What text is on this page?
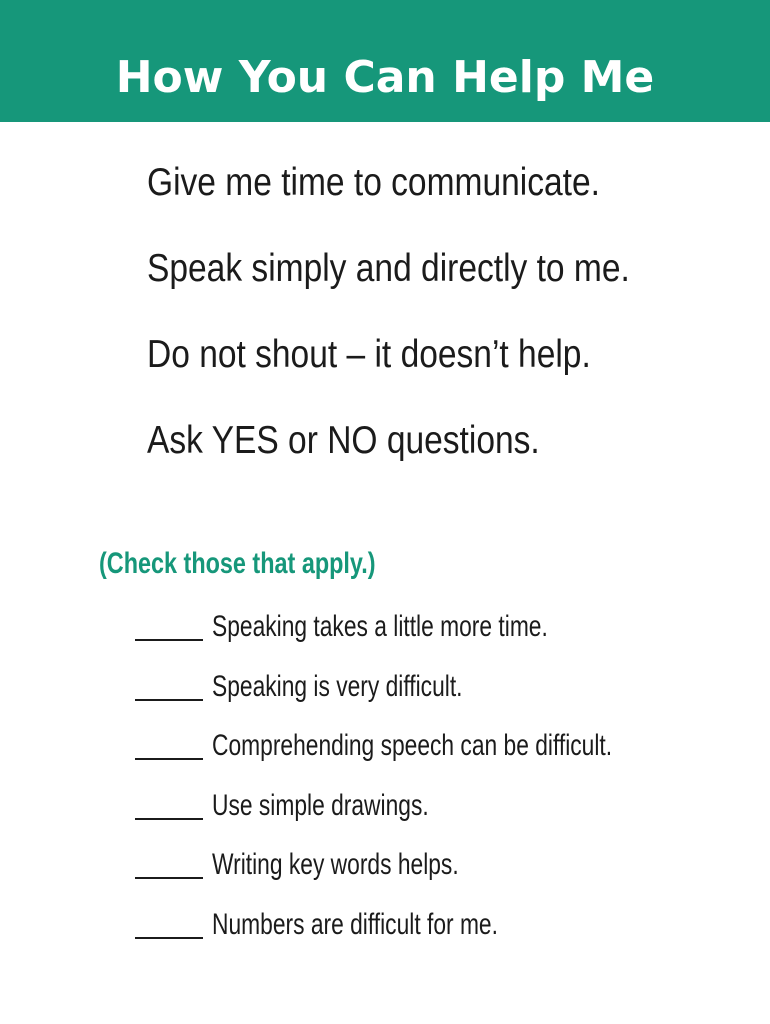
How You Can Help Me
Give me time to communicate.
Speak simply and directly to me.
Do not shout – it doesn’t help.
Ask YES or NO questions.
(Check those that apply.)
Speaking takes a little more time.
Speaking is very difficult.
Comprehending speech can be difficult.
Use simple drawings.
Writing key words helps.
Numbers are difficult for me.
